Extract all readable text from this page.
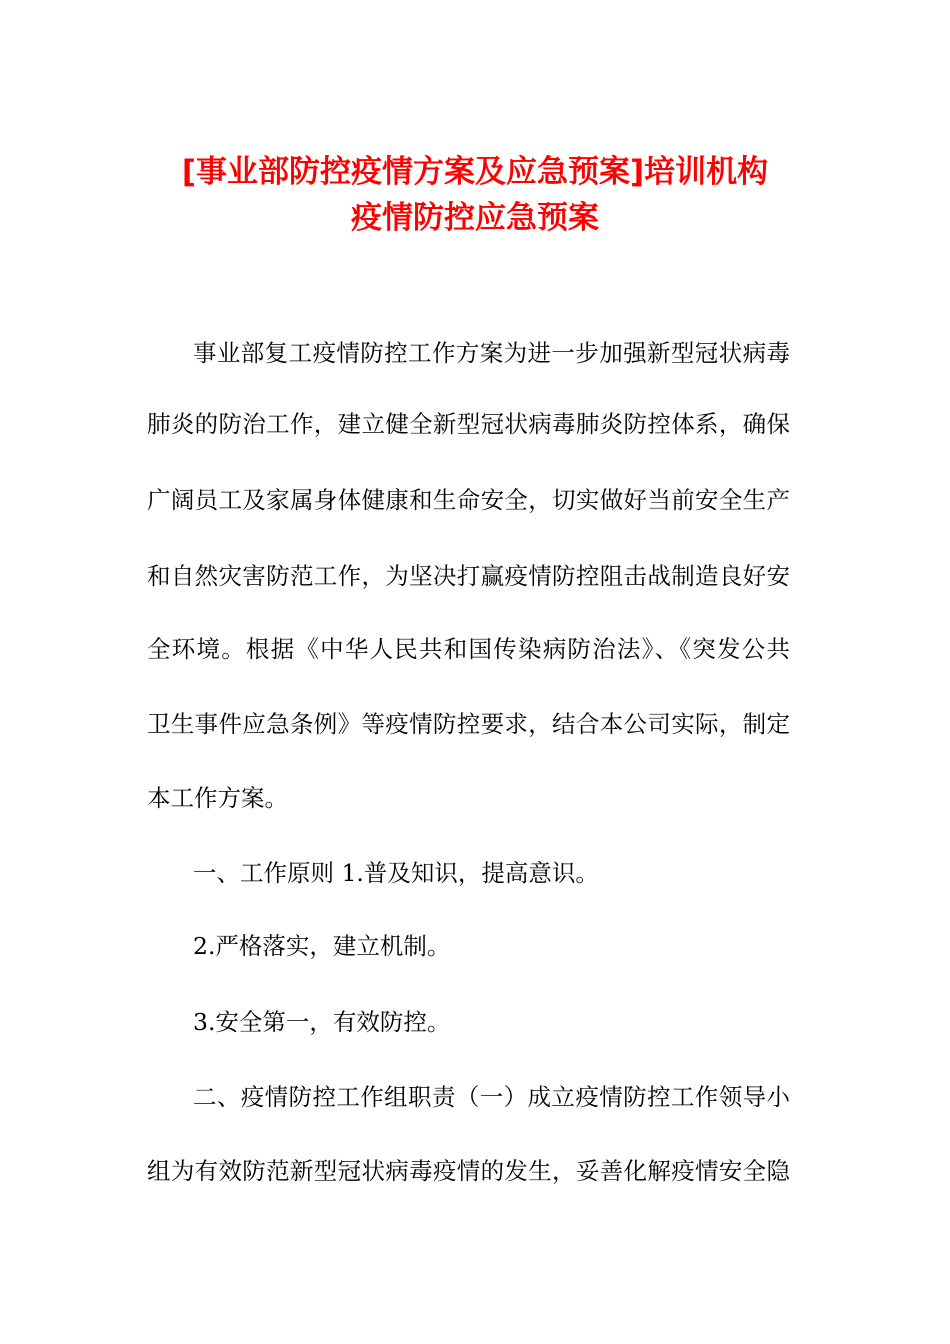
[事业部防控疫情方案及应急预案]培训机构
疫情防控应急预案

事业部复工疫情防控工作方案为进一步加强新型冠状病毒

肺炎的防治工作，建立健全新型冠状病毒肺炎防控体系，确保

广阔员工及家属身体健康和生命安全，切实做好当前安全生产

和自然灾害防范工作，为坚决打赢疫情防控阻击战制造良好安

全环境。根据《中华人民共和国传染病防治法》、《突发公共

卫生事件应急条例》等疫情防控要求，结合本公司实际，制定

本工作方案。

一、工作原则 1.普及知识，提高意识。

2.严格落实，建立机制。

3.安全第一，有效防控。

二、疫情防控工作组职责（一）成立疫情防控工作领导小

组为有效防范新型冠状病毒疫情的发生，妥善化解疫情安全隐
